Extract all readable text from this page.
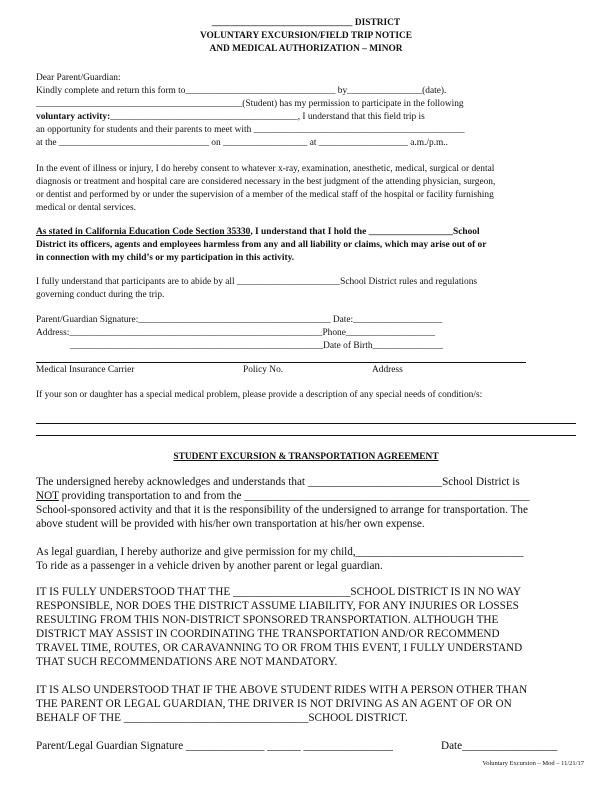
______________________________ DISTRICT
VOLUNTARY EXCURSION/FIELD TRIP NOTICE
AND MEDICAL AUTHORIZATION – MINOR
Dear Parent/Guardian:
Kindly complete and return this form to________________________________ by________________(date).
____________________________________________(Student) has my permission to participate in the following
voluntary activity:________________________________________, I understand that this field trip is
an opportunity for students and their parents to meet with _____________________________________________
at the ________________________________ on __________________ at ___________________ a.m./p.m..
In the event of illness or injury, I do hereby consent to whatever x-ray, examination, anesthetic, medical, surgical or dental
diagnosis or treatment and hospital care are considered necessary in the best judgment of the attending physician, surgeon,
or dentist and performed by or under the supervision of a member of the medical staff of the hospital or facility furnishing
medical or dental services.
As stated in California Education Code Section 35330, I understand that I hold the __________________School
District its officers, agents and employees harmless from any and all liability or claims, which may arise out of or
in connection with my child’s or my participation in this activity.
I fully understand that participants are to abide by all ______________________School District rules and regulations
governing conduct during the trip.
Parent/Guardian Signature:_________________________________________ Date:___________________
Address:______________________________________________________Phone___________________
______________________________________________________Date of Birth_______________
Medical Insurance Carrier	Policy No.	Address
If your son or daughter has a special medical problem, please provide a description of any special needs of condition/s:
STUDENT EXCURSION & TRANSPORTATION AGREEMENT
The undersigned hereby acknowledges and understands that ________________________School District is
NOT providing transportation to and from the ___________________________________________________
School-sponsored activity and that it is the responsibility of the undersigned to arrange for transportation. The
above student will be provided with his/her own transportation at his/her own expense.
As legal guardian, I hereby authorize and give permission for my child,______________________________
To ride as a passenger in a vehicle driven by another parent or legal guardian.
IT IS FULLY UNDERSTOOD THAT THE _____________________SCHOOL DISTRICT IS IN NO WAY
RESPONSIBLE, NOR DOES THE DISTRICT ASSUME LIABILITY, FOR ANY INJURIES OR LOSSES
RESULTING FROM THIS NON-DISTRICT SPONSORED TRANSPORTATION. ALTHOUGH THE
DISTRICT MAY ASSIST IN COORDINATING THE TRANSPORTATION AND/OR RECOMMEND
TRAVEL TIME, ROUTES, OR CARAVANNING TO OR FROM THIS EVENT, I FULLY UNDERSTAND
THAT SUCH RECOMMENDATIONS ARE NOT MANDATORY.
IT IS ALSO UNDERSTOOD THAT IF THE ABOVE STUDENT RIDES WITH A PERSON OTHER THAN
THE PARENT OR LEGAL GUARDIAN, THE DRIVER IS NOT DRIVING AS AN AGENT OF OR ON
BEHALF OF THE _________________________________SCHOOL DISTRICT.
Parent/Legal Guardian Signature ______________ ______ ________________	Date_________________
Voluntary Excursion – Mod – 11/21/17
